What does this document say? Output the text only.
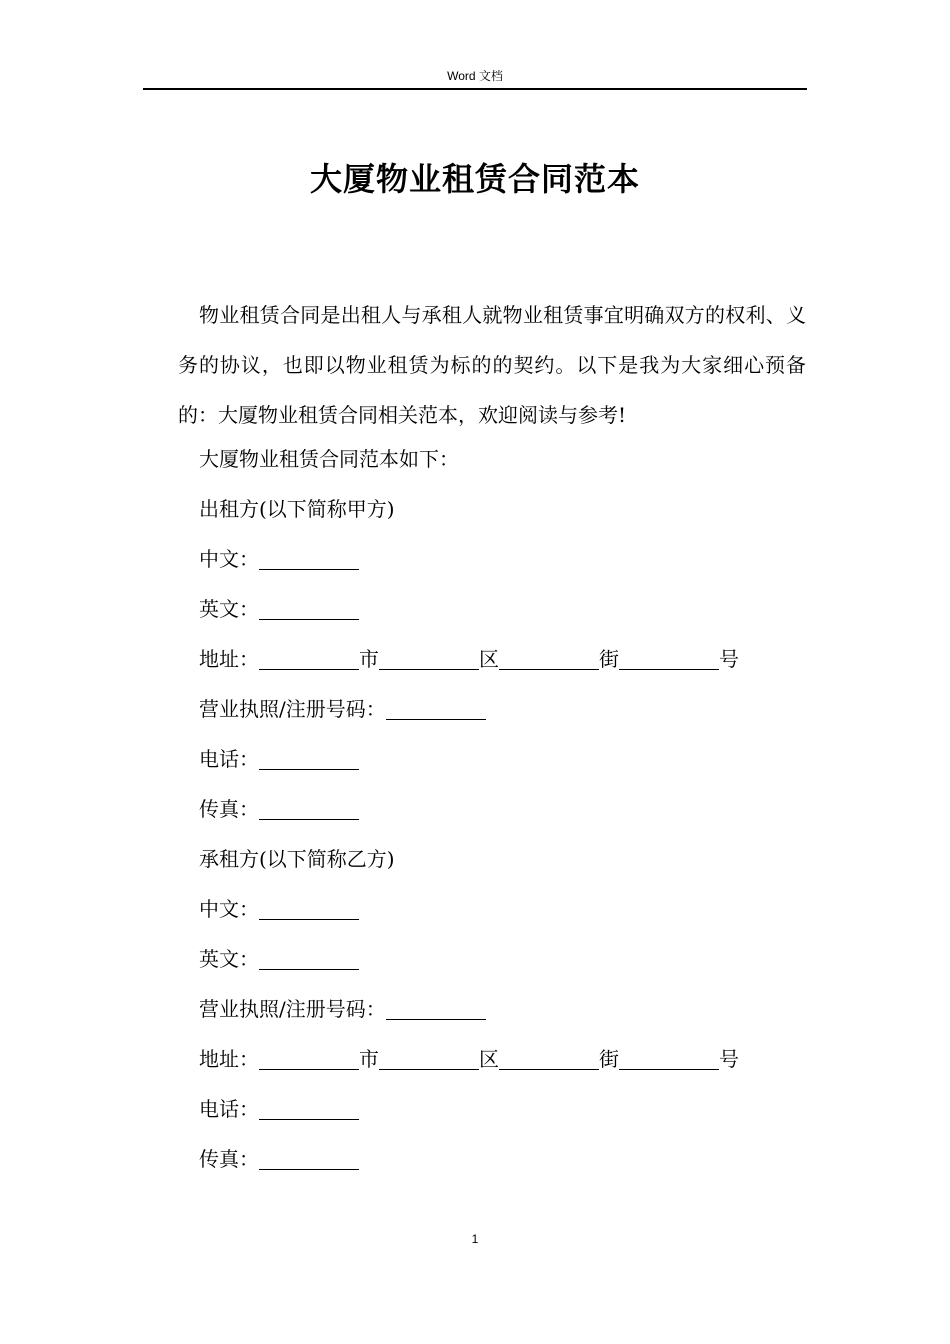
Word 文档
大厦物业租赁合同范本

物业租赁合同是出租人与承租人就物业租赁事宜明确双方的权利、义务的协议，也即以物业租赁为标的的契约。以下是我为大家细心预备的：大厦物业租赁合同相关范本，欢迎阅读与参考!

大厦物业租赁合同范本如下：
出租方(以下简称甲方)
中文：
英文：
地址：	市	区	街	号
营业执照/注册号码：
电话：
传真：
承租方(以下简称乙方)
中文：
英文：
营业执照/注册号码：
地址：	市	区	街	号
电话：
传真：
1
